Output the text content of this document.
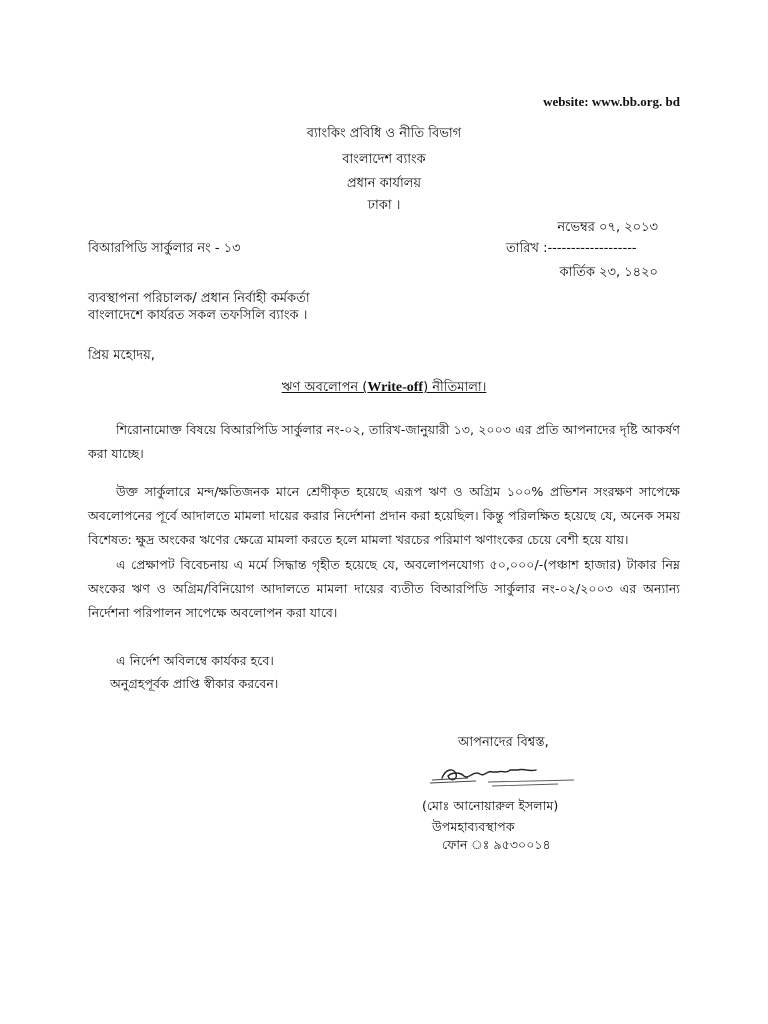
website: www.bb.org. bd
ব্যাংকিং প্রবিধি ও নীতি বিভাগ
বাংলাদেশ ব্যাংক
প্রধান কার্যালয়
ঢাকা ।
নভেম্বর ০৭, ২০১৩
বিআরপিডি সার্কুলার নং - ১৩	তারিখ :-------------------
কার্তিক ২৩, ১৪২০
ব্যবস্থাপনা পরিচালক/ প্রধান নির্বাহী কর্মকর্তা
বাংলাদেশে কার্যরত সকল তফসিলি ব্যাংক ।
প্রিয় মহোদয়,
ঋণ অবলোপন (Write-off) নীতিমালা।

শিরোনামোক্ত বিষয়ে বিআরপিডি সার্কুলার নং-০২, তারিখ-জানুয়ারী ১৩, ২০০৩ এর প্রতি আপনাদের দৃষ্টি আকর্ষণ করা যাচ্ছে।

উক্ত সার্কুলারে মন্দ/ক্ষতিজনক মানে শ্রেণীকৃত হয়েছে এরূপ ঋণ ও অগ্রিম ১০০% প্রভিশন সংরক্ষণ সাপেক্ষে অবলোপনের পূর্বে আদালতে মামলা দায়ের করার নির্দেশনা প্রদান করা হয়েছিল। কিন্তু পরিলক্ষিত হয়েছে যে, অনেক সময় বিশেষত: ক্ষুদ্র অংকের ঋণের ক্ষেত্রে মামলা করতে হলে মামলা খরচের পরিমাণ ঋণাংকের চেয়ে বেশী হয়ে যায়।

এ প্রেক্ষাপট বিবেচনায় এ মর্মে সিদ্ধান্ত গৃহীত হয়েছে যে, অবলোপনযোগ্য ৫০,০০০/-(পঞ্চাশ হাজার) টাকার নিম্ন অংকের ঋণ ও অগ্রিম/বিনিয়োগ আদালতে মামলা দায়ের ব্যতীত বিআরপিডি সার্কুলার নং-০২/২০০৩ এর অন্যান্য নির্দেশনা পরিপালন সাপেক্ষে অবলোপন করা যাবে।

এ নির্দেশ অবিলম্বে কার্যকর হবে।
অনুগ্রহপূর্বক প্রাপ্তি স্বীকার করবেন।
আপনাদের বিশ্বস্ত,
(মোঃ আনোয়ারুল ইসলাম)
উপমহাব্যবস্থাপক
ফোন ঃ ৯৫৩০০১৪
